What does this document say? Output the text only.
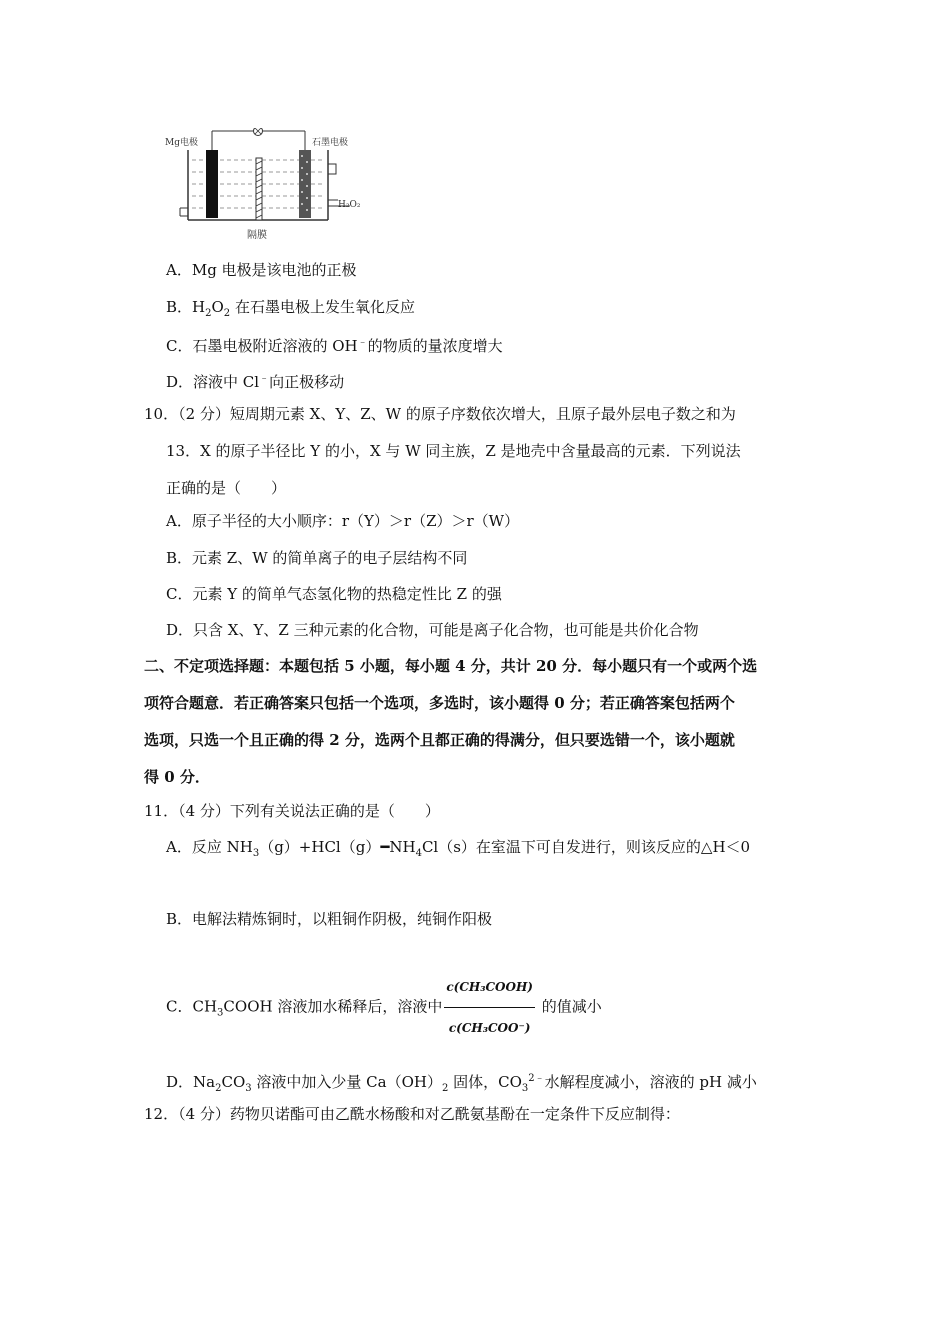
Mg电极	石墨电极
H₂O₂
隔膜
A．Mg 电极是该电池的正极
B．$H_2O_2$ 在石墨电极上发生氧化反应
C．石墨电极附近溶液的 OH﹣的物质的量浓度增大
D．溶液中 Cl﹣向正极移动
10．（2 分）短周期元素 X、Y、Z、W 的原子序数依次增大，且原子最外层电子数之和为
13．X 的原子半径比 Y 的小，X 与 W 同主族，Z 是地壳中含量最高的元素．下列说法
正确的是（　　）
A．原子半径的大小顺序：r（Y）＞r（Z）＞r（W）
B．元素 Z、W 的简单离子的电子层结构不同
C．元素 Y 的简单气态氢化物的热稳定性比 Z 的强
D．只含 X、Y、Z 三种元素的化合物，可能是离子化合物，也可能是共价化合物
二、不定项选择题：本题包括 5 小题，每小题 4 分，共计 20 分．每小题只有一个或两个选
项符合题意．若正确答案只包括一个选项，多选时，该小题得 0 分；若正确答案包括两个
选项，只选一个且正确的得 2 分，选两个且都正确的得满分，但只要选错一个，该小题就
得 0 分．
11．（4 分）下列有关说法正确的是（　　）
A．反应 $NH_3(g)+HCl(g)━NH_4Cl(s)$在室温下可自发进行，则该反应的△H＜0
B．电解法精炼铜时，以粗铜作阴极，纯铜作阳极
C．$CH_3COOH$ 溶液加水稀释后，溶液中 $\frac{\text{c(CH₃COOH)}}{\text{c(CH₃COO⁻)}}$ 的值减小
D．$Na_2CO_3$ 溶液中加入少量 $Ca(OH)_2$ 固体，$CO_3^{2﹣}$水解程度减小，溶液的 pH 减小
12．（4 分）药物贝诺酯可由乙酰水杨酸和对乙酰氨基酚在一定条件下反应制得：
